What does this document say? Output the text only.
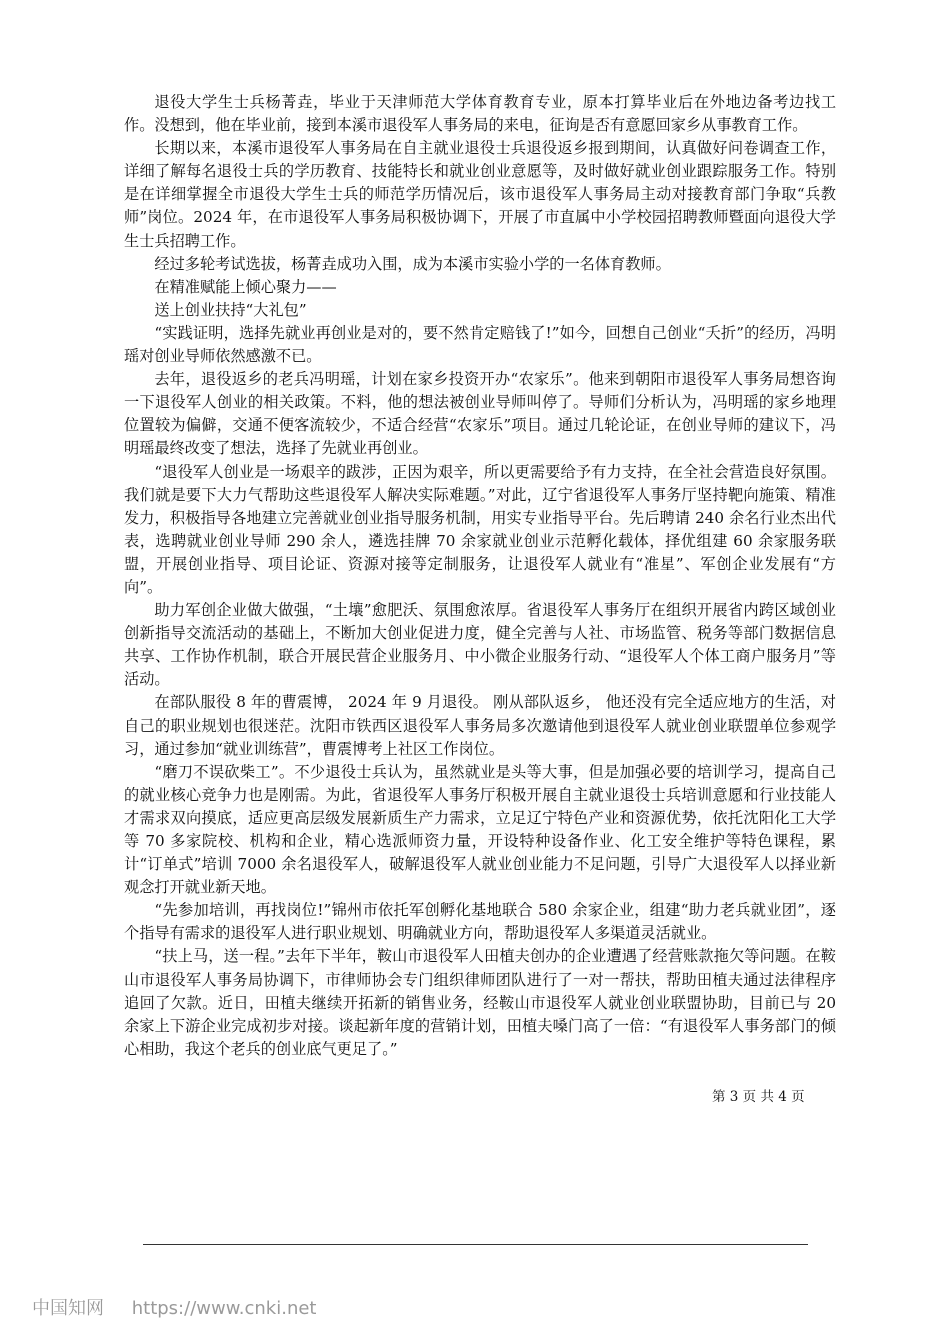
退役大学生士兵杨菁垚，毕业于天津师范大学体育教育专业，原本打算毕业后在外地边备考边找工作。没想到，他在毕业前，接到本溪市退役军人事务局的来电，征询是否有意愿回家乡从事教育工作。

长期以来，本溪市退役军人事务局在自主就业退役士兵退役返乡报到期间，认真做好问卷调查工作，详细了解每名退役士兵的学历教育、技能特长和就业创业意愿等，及时做好就业创业跟踪服务工作。特别是在详细掌握全市退役大学生士兵的师范学历情况后，该市退役军人事务局主动对接教育部门争取“兵教师”岗位。2024 年，在市退役军人事务局积极协调下，开展了市直属中小学校园招聘教师暨面向退役大学生士兵招聘工作。

经过多轮考试选拔，杨菁垚成功入围，成为本溪市实验小学的一名体育教师。

在精准赋能上倾心聚力——

送上创业扶持“大礼包”

“实践证明，选择先就业再创业是对的，要不然肯定赔钱了!”如今，回想自己创业“夭折”的经历，冯明瑶对创业导师依然感激不已。

去年，退役返乡的老兵冯明瑶，计划在家乡投资开办“农家乐”。他来到朝阳市退役军人事务局想咨询一下退役军人创业的相关政策。不料，他的想法被创业导师叫停了。导师们分析认为，冯明瑶的家乡地理位置较为偏僻，交通不便客流较少，不适合经营“农家乐”项目。通过几轮论证，在创业导师的建议下，冯明瑶最终改变了想法，选择了先就业再创业。

“退役军人创业是一场艰辛的跋涉，正因为艰辛，所以更需要给予有力支持，在全社会营造良好氛围。我们就是要下大力气帮助这些退役军人解决实际难题。”对此，辽宁省退役军人事务厅坚持靶向施策、精准发力，积极指导各地建立完善就业创业指导服务机制，用实专业指导平台。先后聘请 240 余名行业杰出代表，选聘就业创业导师 290 余人，遴选挂牌 70 余家就业创业示范孵化载体，择优组建 60 余家服务联盟，开展创业指导、项目论证、资源对接等定制服务，让退役军人就业有“准星”、军创企业发展有“方向”。

助力军创企业做大做强，“土壤”愈肥沃、氛围愈浓厚。省退役军人事务厅在组织开展省内跨区域创业创新指导交流活动的基础上，不断加大创业促进力度，健全完善与人社、市场监管、税务等部门数据信息共享、工作协作机制，联合开展民营企业服务月、中小微企业服务行动、“退役军人个体工商户服务月”等活动。

在部队服役 8 年的曹震博， 2024 年 9 月退役。 刚从部队返乡， 他还没有完全适应地方的生活，对自己的职业规划也很迷茫。沈阳市铁西区退役军人事务局多次邀请他到退役军人就业创业联盟单位参观学习，通过参加“就业训练营”，曹震博考上社区工作岗位。

“磨刀不误砍柴工”。不少退役士兵认为，虽然就业是头等大事，但是加强必要的培训学习，提高自己的就业核心竞争力也是刚需。为此，省退役军人事务厅积极开展自主就业退役士兵培训意愿和行业技能人才需求双向摸底，适应更高层级发展新质生产力需求，立足辽宁特色产业和资源优势，依托沈阳化工大学等 70 多家院校、机构和企业，精心选派师资力量，开设特种设备作业、化工安全维护等特色课程，累计“订单式”培训 7000 余名退役军人，破解退役军人就业创业能力不足问题，引导广大退役军人以择业新观念打开就业新天地。

“先参加培训，再找岗位!”锦州市依托军创孵化基地联合 580 余家企业，组建“助力老兵就业团”，逐个指导有需求的退役军人进行职业规划、明确就业方向，帮助退役军人多渠道灵活就业。

“扶上马，送一程。”去年下半年，鞍山市退役军人田植夫创办的企业遭遇了经营账款拖欠等问题。在鞍山市退役军人事务局协调下，市律师协会专门组织律师团队进行了一对一帮扶，帮助田植夫通过法律程序追回了欠款。近日，田植夫继续开拓新的销售业务，经鞍山市退役军人就业创业联盟协助，目前已与 20 余家上下游企业完成初步对接。谈起新年度的营销计划，田植夫嗓门高了一倍：“有退役军人事务部门的倾心相助，我这个老兵的创业底气更足了。”

第 3 页 共 4 页
中国知网 https://www.cnki.net
